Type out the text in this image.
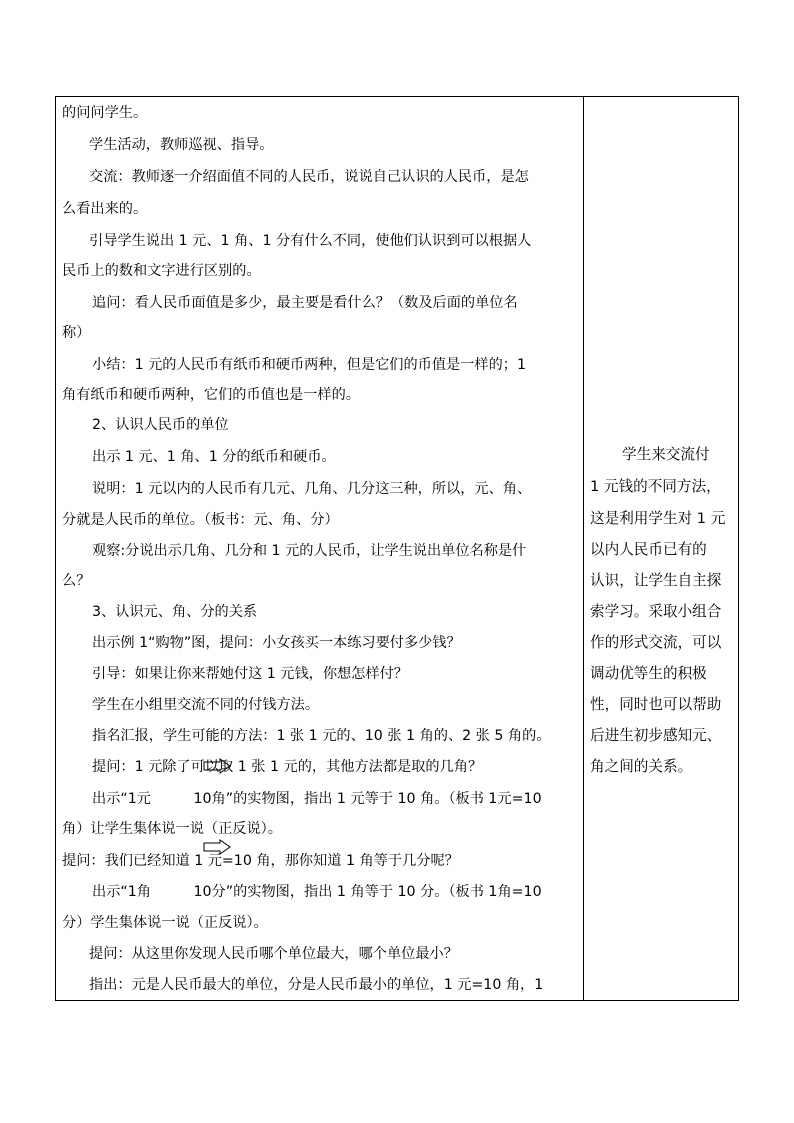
的问问学生。
学生活动，教师巡视、指导。
交流：教师逐一介绍面值不同的人民币，说说自己认识的人民币，是怎
么看出来的。
引导学生说出 1 元、1 角、1 分有什么不同，使他们认识到可以根据人
民币上的数和文字进行区别的。
追问：看人民币面值是多少，最主要是看什么？（数及后面的单位名
称）
小结：1 元的人民币有纸币和硬币两种，但是它们的币值是一样的；1
角有纸币和硬币两种，它们的币值也是一样的。
2、认识人民币的单位
出示 1 元、1 角、1 分的纸币和硬币。
说明：1 元以内的人民币有几元、几角、几分这三种，所以，元、角、
分就是人民币的单位。（板书：元、角、分）
观察:分说出示几角、几分和 1 元的人民币，让学生说出单位名称是什
么？
3、认识元、角、分的关系
出示例 1“购物”图，提问：小女孩买一本练习要付多少钱？
引导：如果让你来帮她付这 1 元钱，你想怎样付？
学生在小组里交流不同的付钱方法。
指名汇报，学生可能的方法：1 张 1 元的、10 张 1 角的、2 张 5 角的。
提问：1 元除了可以取 1 张 1 元的，其他方法都是取的几角？
出示“1元　　　10角”的实物图，指出 1 元等于 10 角。（板书 1元=10
角）让学生集体说一说（正反说）。
提问：我们已经知道 1 元=10 角，那你知道 1 角等于几分呢？
出示“1角　　　10分”的实物图，指出 1 角等于 10 分。（板书 1角=10
分）学生集体说一说（正反说）。
提问：从这里你发现人民币哪个单位最大，哪个单位最小？
指出：元是人民币最大的单位，分是人民币最小的单位，1 元=10 角，1
学生来交流付
1 元钱的不同方法，
这是利用学生对 1 元
以内人民币已有的
认识，让学生自主探
索学习。采取小组合
作的形式交流，可以
调动优等生的积极
性，同时也可以帮助
后进生初步感知元、
角之间的关系。
